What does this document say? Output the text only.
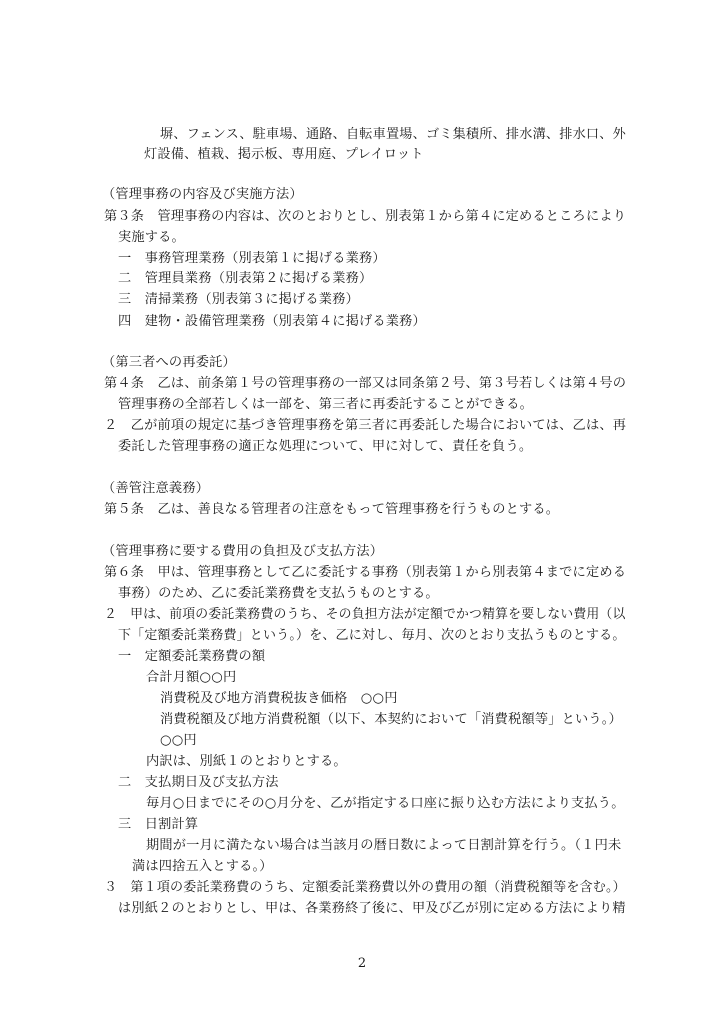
塀、フェンス、駐車場、通路、自転車置場、ゴミ集積所、排水溝、排水口、外
灯設備、植栽、掲示板、専用庭、プレイロット
（管理事務の内容及び実施方法）
第３条　管理事務の内容は、次のとおりとし、別表第１から第４に定めるところにより
実施する。
一　事務管理業務（別表第１に掲げる業務）
二　管理員業務（別表第２に掲げる業務）
三　清掃業務（別表第３に掲げる業務）
四　建物・設備管理業務（別表第４に掲げる業務）
（第三者への再委託）
第４条　乙は、前条第１号の管理事務の一部又は同条第２号、第３号若しくは第４号の
管理事務の全部若しくは一部を、第三者に再委託することができる。
２　乙が前項の規定に基づき管理事務を第三者に再委託した場合においては、乙は、再
委託した管理事務の適正な処理について、甲に対して、責任を負う。
（善管注意義務）
第５条　乙は、善良なる管理者の注意をもって管理事務を行うものとする。
（管理事務に要する費用の負担及び支払方法）
第６条　甲は、管理事務として乙に委託する事務（別表第１から別表第４までに定める
事務）のため、乙に委託業務費を支払うものとする。
２　甲は、前項の委託業務費のうち、その負担方法が定額でかつ精算を要しない費用（以
下「定額委託業務費」という。）を、乙に対し、毎月、次のとおり支払うものとする。
一　定額委託業務費の額
合計月額○○円
消費税及び地方消費税抜き価格　○○円
消費税額及び地方消費税額（以下、本契約において「消費税額等」という。）
○○円
内訳は、別紙１のとおりとする。
二　支払期日及び支払方法
毎月○日までにその○月分を、乙が指定する口座に振り込む方法により支払う。
三　日割計算
期間が一月に満たない場合は当該月の暦日数によって日割計算を行う。（１円未
満は四捨五入とする。）
３　第１項の委託業務費のうち、定額委託業務費以外の費用の額（消費税額等を含む。）
は別紙２のとおりとし、甲は、各業務終了後に、甲及び乙が別に定める方法により精
2
